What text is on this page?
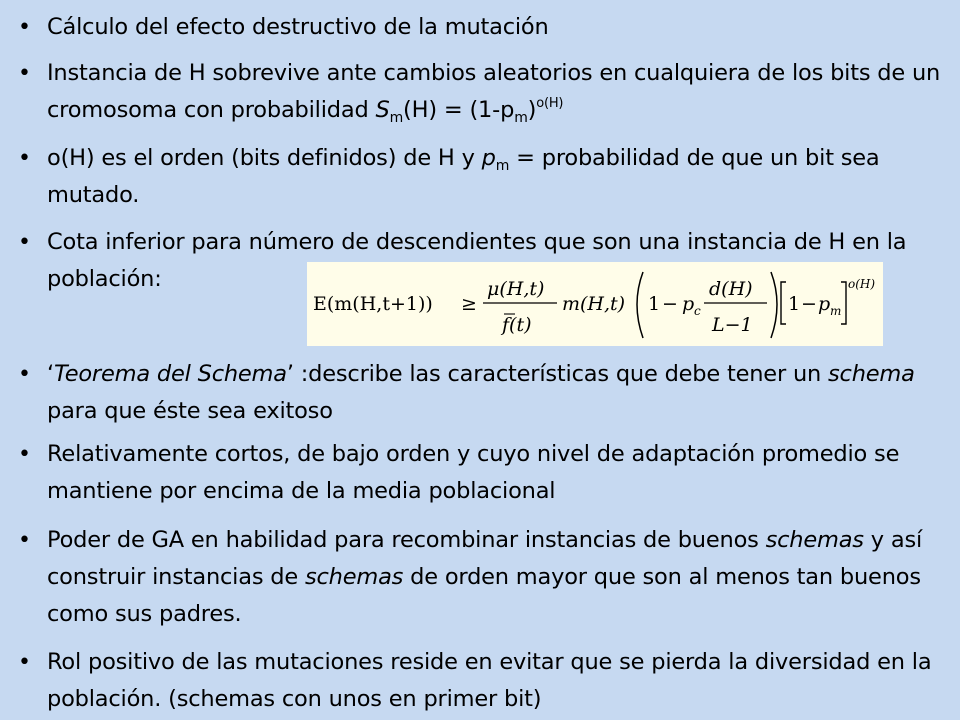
• Cálculo del efecto destructivo de la mutación
• Instancia de H sobrevive ante cambios aleatorios en cualquiera de los bits de un cromosoma con probabilidad $S_m(H) = (1-p_m)^{o(H)}$
• o(H) es el orden (bits definidos) de H y $p_m$ = probabilidad de que un bit sea mutado.
• Cota inferior para número de descendientes que son una instancia de H en la población:
E(m(H,t+1)) ≥
μ(H,t)
f(t)
m(H,t) 1 − p c
d(H)
L−1
1 − p m
o(H)
• ‘Teorema del Schema’ :describe las características que debe tener un schema para que éste sea exitoso
• Relativamente cortos, de bajo orden y cuyo nivel de adaptación promedio se mantiene por encima de la media poblacional
• Poder de GA en habilidad para recombinar instancias de buenos schemas y así construir instancias de schemas de orden mayor que son al menos tan buenos como sus padres.
• Rol positivo de las mutaciones reside en evitar que se pierda la diversidad en la población. (schemas con unos en primer bit)
